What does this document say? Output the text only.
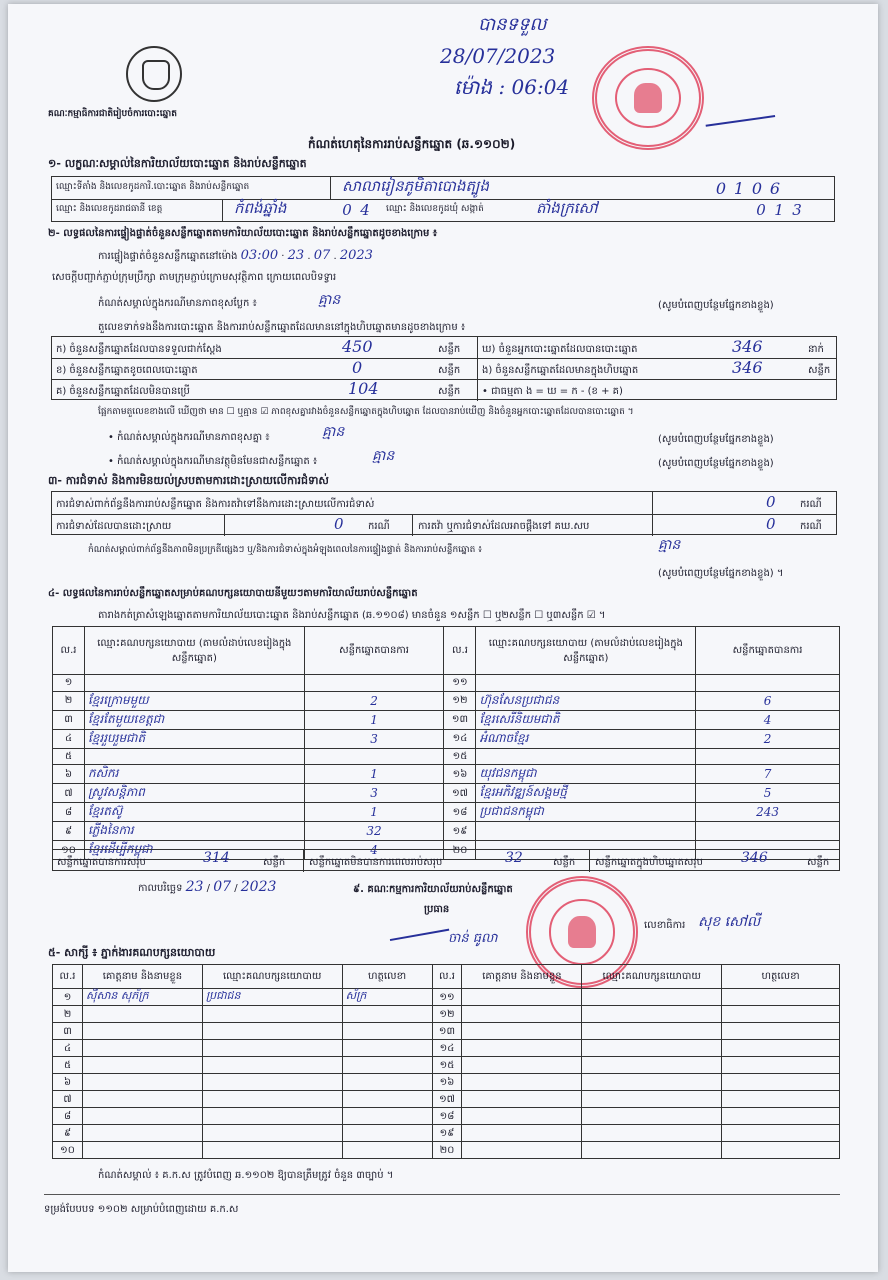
គណៈកម្មាធិការជាតិរៀបចំការបោះឆ្នោត
បានទទួល
28/07/2023
ម៉ោង : 06:04
កំណត់ហេតុនៃការរាប់សន្លឹកឆ្នោត (ឆ.១១០២)
១- លក្ខណៈសម្គាល់នៃការិយាល័យបោះឆ្នោត និងរាប់សន្លឹកឆ្នោត
ឈ្មោះទីតាំង និងលេខកូដការិ.បោះឆ្នោត និងរាប់សន្លឹកឆ្នោត	សាលារៀនភូមិតាបោងត្បូង	0 1 0 6
ឈ្មោះ និងលេខកូដរាជធានី ខេត្ត	កំពង់ឆ្នាំង	0 4	ឈ្មោះ និងលេខកូដឃុំ សង្កាត់	តាំងក្រសៅ	0 1 3
២- លទ្ធផលនៃការផ្ទៀងផ្ទាត់ចំនួនសន្លឹកឆ្នោតតាមការិយាល័យបោះឆ្នោត និងរាប់សន្លឹកឆ្នោតដូចខាងក្រោម ៖
ការផ្ទៀងផ្ទាត់ចំនួនសន្លឹកឆ្នោតនៅម៉ោង 03:00 · 23 . 07 . 2023
សេចក្តីបញ្ជាក់ភ្ជាប់ក្រុមប្រឹក្សា តាមក្រុមភ្ជាប់ក្រោមសុវត្ថិភាព ក្រោយពេលបិទទ្វារ
កំណត់សម្គាល់ក្នុងករណីមានភាពខុសប្លែក ៖	គ្មាន	(សូមបំពេញបន្ថែមផ្នែកខាងខ្លួង)
តួលេខទាក់ទងនឹងការបោះឆ្នោត និងការរាប់សន្លឹកឆ្នោតដែលមាននៅក្នុងហិបឆ្នោតមានដូចខាងក្រោម ៖
ក) ចំនួនសន្លឹកឆ្នោតដែលបានទទួលជាក់ស្តែង	450	សន្លឹក ឃ) ចំនួនអ្នកបោះឆ្នោតដែលបានបោះឆ្នោត	346	នាក់
ខ) ចំនួនសន្លឹកឆ្នោតខូចពេលបោះឆ្នោត	0	សន្លឹក ង) ចំនួនសន្លឹកឆ្នោតដែលមានក្នុងហិបឆ្នោត	346	សន្លឹក
គ) ចំនួនសន្លឹកឆ្នោតដែលមិនបានប្រើ	104	សន្លឹក • ជាធម្មតា ង = ឃ = ក - (ខ + គ)
ផ្អែកតាមតួលេខខាងលើ ឃើញថា មាន ☐ ឬគ្មាន ☑ ភាពខុសគ្នារវាងចំនួនសន្លឹកឆ្នោតក្នុងហិបឆ្នោត ដែលបានរាប់ឃើញ និងចំនួនអ្នកបោះឆ្នោតដែលបានបោះឆ្នោត ។
• កំណត់សម្គាល់ក្នុងករណីមានភាពខុសគ្នា ៖	គ្មាន	(សូមបំពេញបន្ថែមផ្នែកខាងខ្លួង)
• កំណត់សម្គាល់ក្នុងករណីមានវត្ថុមិនមែនជាសន្លឹកឆ្នោត ៖	គ្មាន	(សូមបំពេញបន្ថែមផ្នែកខាងខ្លួង)
៣- ការជំទាស់ និងការមិនយល់ស្របតាមការដោះស្រាយលើការជំទាស់
ការជំទាស់ពាក់ព័ន្ធនឹងការរាប់សន្លឹកឆ្នោត និងការតវ៉ាទៅនឹងការដោះស្រាយលើការជំទាស់	0 ករណី
ការជំទាស់ដែលបានដោះស្រាយ	0 ករណី	ការតវ៉ា ឬការជំទាស់ដែលអាចផ្តឹងទៅ គឃ.សប	0 ករណី
កំណត់សម្គាល់ពាក់ព័ន្ធនឹងភាពមិនប្រក្រតីផ្សេងៗ ឬ/និងការជំទាស់ក្នុងអំឡុងពេលនៃការផ្ទៀងផ្ទាត់ និងការរាប់សន្លឹកឆ្នោត ៖	គ្មាន
(សូមបំពេញបន្ថែមផ្នែកខាងខ្លួង) ។
៤- លទ្ធផលនៃការរាប់សន្លឹកឆ្នោតសម្រាប់គណបក្សនយោបាយនីមួយៗតាមការិយាល័យរាប់សន្លឹកឆ្នោត
តារាងកត់ត្រាសំឡេងឆ្នោតតាមការិយាល័យបោះឆ្នោត និងរាប់សន្លឹកឆ្នោត (ឆ.១១០៨) មានចំនួន ១សន្លឹក ☐ ឬ២សន្លឹក ☐ ឬ៣សន្លឹក ☑ ។
ល.រ	ឈ្មោះគណបក្សនយោបាយ (តាមលំដាប់លេខរៀងក្នុងសន្លឹកឆ្នោត)	សន្លឹកឆ្នោតបានការ	ល.រ	ឈ្មោះគណបក្សនយោបាយ (តាមលំដាប់លេខរៀងក្នុងសន្លឹកឆ្នោត)	សន្លឹកឆ្នោតបានការ
១			១១		
២	ខ្មែរក្រោមមួយ	2	១២	ហ៊ុនសែនប្រជាជន	6
៣	ខ្មែរតែមួយខេត្តជា	1	១៣	ខ្មែរសេរីនិយមជាតិ	4
៤	ខ្មែររួបរួមជាតិ	3	១៤	អំណាចខ្មែរ	2
៥			១៥		
៦	កសិករ	1	១៦	យុវជនកម្ពុជា	7
៧	ស្រូវសន្តិភាព	3	១៧	ខ្មែរអភិវឌ្ឍន៍សង្គមថ្មី	5
៨	ខ្មែរតស៊ូ	1	១៨	ប្រជាជនកម្ពុជា	243
៩	ភ្លើងនៃការ	32	១៩		
១០	ខ្មែរដើម្បីកម្ពុជា	4	២០		
សន្លឹកឆ្នោតបានការសរុប	314	សន្លឹក សន្លឹកឆ្នោតមិនបានការពេលរាប់សរុប	32	សន្លឹក សន្លឹកឆ្នោតក្នុងហិបឆ្នោតសរុប	346	សន្លឹក
កាលបរិច្ឆេទ 23 / 07 / 2023	៩. គណៈកម្មការការិយាល័យរាប់សន្លឹកឆ្នោត
ប្រធាន
ចាន់ ធូលា
លេខាធិការ សុខ សៅលី
៥- សាក្សី ៖ ភ្នាក់ងារគណបក្សនយោបាយ
ល.រ	គោត្តនាម និងនាមខ្លួន	ឈ្មោះគណបក្សនយោបាយ	ហត្ថលេខា	ល.រ	គោត្តនាម និងនាមខ្លួន	ឈ្មោះគណបក្សនយោបាយ	ហត្ថលេខា
១	ស៊ីសាន សុភ័ក្រ	ប្រជាជន	ស័ក្រ	១១			
២				១២			
៣				១៣			
៤				១៤			
៥				១៥			
៦				១៦			
៧				១៧			
៨				១៨			
៩				១៩			
១០				២០			
កំណត់សម្គាល់ ៖ គ.ក.ស ត្រូវបំពេញ ឆ.១១០២ ឱ្យបានត្រឹមត្រូវ ចំនួន ៣ច្បាប់ ។
ទម្រង់បែបបទ ១១០២ សម្រាប់បំពេញដោយ គ.ក.ស
